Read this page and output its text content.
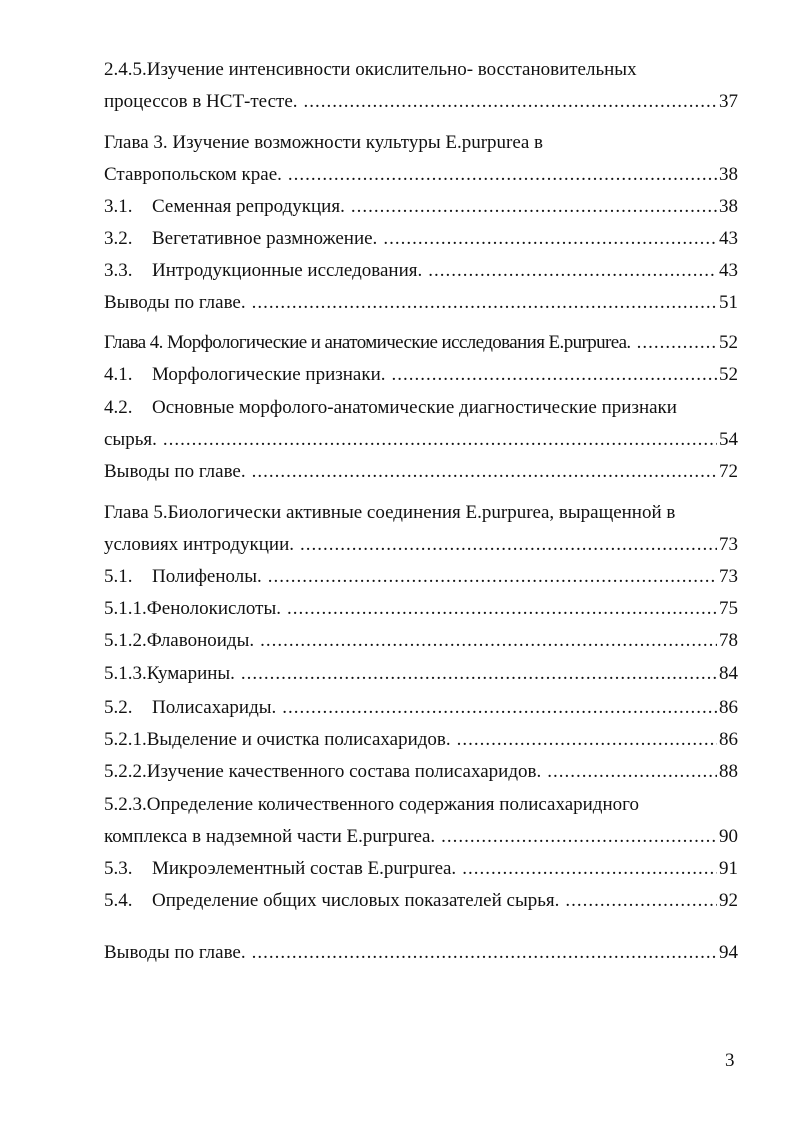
2.4.5.Изучение интенсивности окислительно- восстановительных
процессов в НСТ-тесте. .....	37
Глава 3. Изучение возможности культуры E.purpurea в
Ставропольском крае. .....	38
3.1.	Семенная репродукция. .....	38
3.2.	Вегетативное размножение. .....	43
3.3.	Интродукционные исследования. .....	43
Выводы по главе. .....	51
Глава 4. Морфологические и анатомические исследования E.purpurea. .....	52
4.1.	Морфологические признаки. .....	52
4.2. Основные морфолого-анатомические диагностические признаки
сырья. .....	54
Выводы по главе. .....	72
Глава 5.Биологически активные соединения E.purpurea, выращенной в
условиях интродукции. .....	73
5.1.	Полифенолы. .....	73
5.1.1.Фенолокислоты. .....	75
5.1.2.Флавоноиды. .....	78
5.1.3.Кумарины. .....	84
5.2.	Полисахариды. .....	86
5.2.1.Выделение и очистка полисахаридов. .....	86
5.2.2.Изучение качественного состава полисахаридов. .....	88
5.2.3.Определение количественного содержания полисахаридного
комплекса в надземной части E.purpurea. .....	90
5.3.	Микроэлементный состав E.purpurea. .....	91
5.4.	Определение общих числовых показателей сырья. .....	92
Выводы по главе. .....	94
3
